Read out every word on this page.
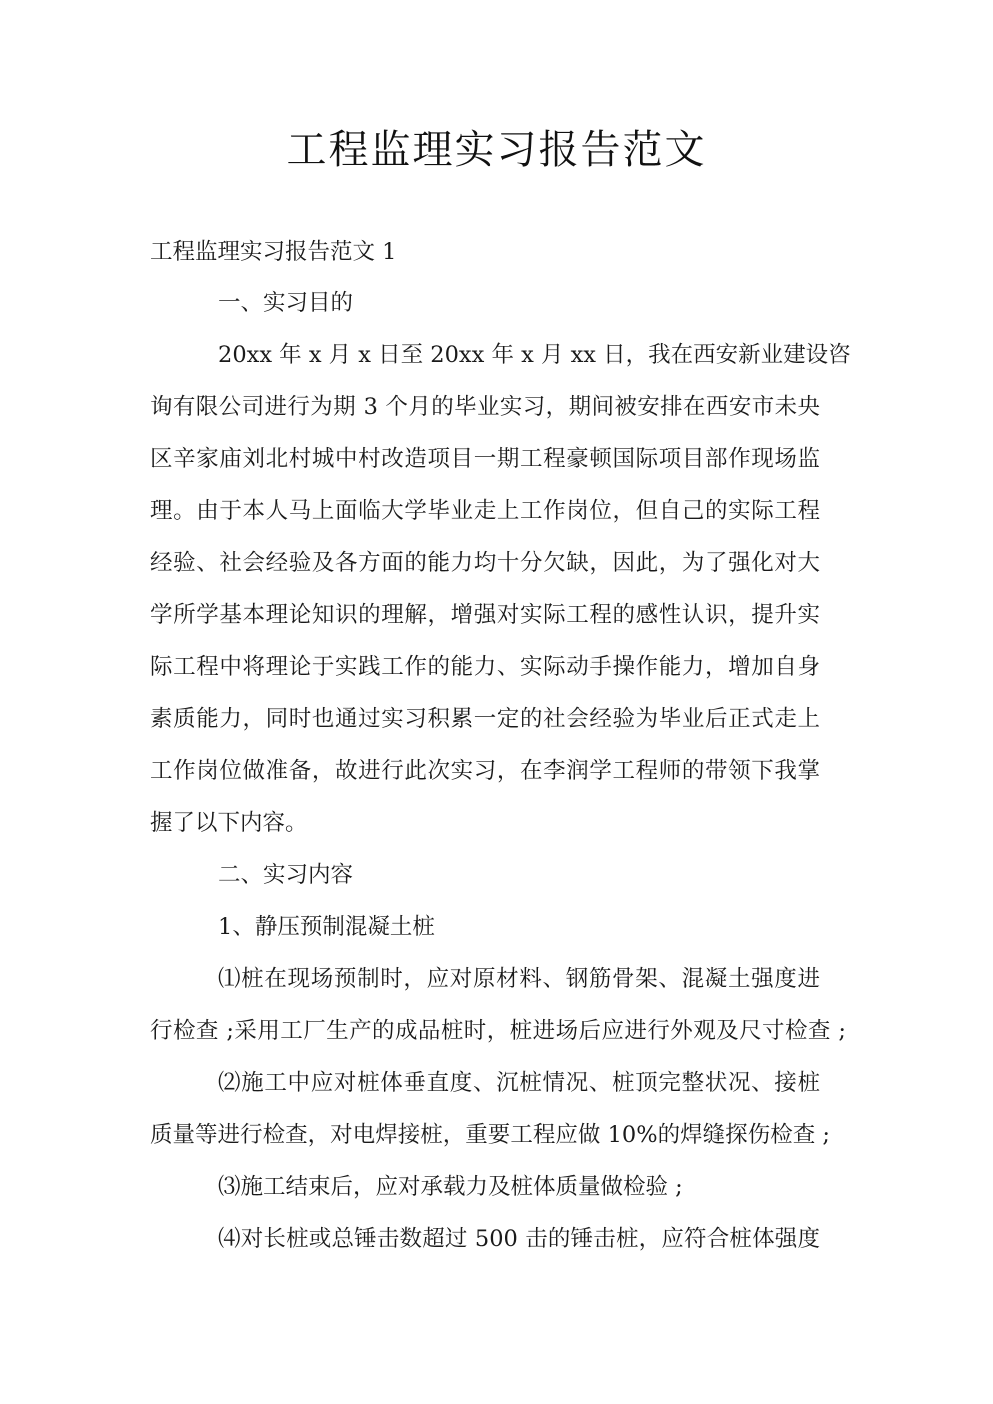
工程监理实习报告范文
工程监理实习报告范文 1
一、实习目的
20xx 年 x 月 x 日至 20xx 年 x 月 xx 日，我在西安新业建设咨
询有限公司进行为期 3 个月的毕业实习，期间被安排在西安市未央
区辛家庙刘北村城中村改造项目一期工程豪顿国际项目部作现场监
理。由于本人马上面临大学毕业走上工作岗位，但自己的实际工程
经验、社会经验及各方面的能力均十分欠缺，因此，为了强化对大
学所学基本理论知识的理解，增强对实际工程的感性认识，提升实
际工程中将理论于实践工作的能力、实际动手操作能力，增加自身
素质能力，同时也通过实习积累一定的社会经验为毕业后正式走上
工作岗位做准备，故进行此次实习，在李润学工程师的带领下我掌
握了以下内容。
二、实习内容
1、静压预制混凝土桩
⑴桩在现场预制时，应对原材料、钢筋骨架、混凝土强度进
行检查 ;采用工厂生产的成品桩时，桩进场后应进行外观及尺寸检查 ;
⑵施工中应对桩体垂直度、沉桩情况、桩顶完整状况、接桩
质量等进行检查，对电焊接桩，重要工程应做 10%的焊缝探伤检查 ;
⑶施工结束后，应对承载力及桩体质量做检验 ;
⑷对长桩或总锤击数超过 500 击的锤击桩，应符合桩体强度
